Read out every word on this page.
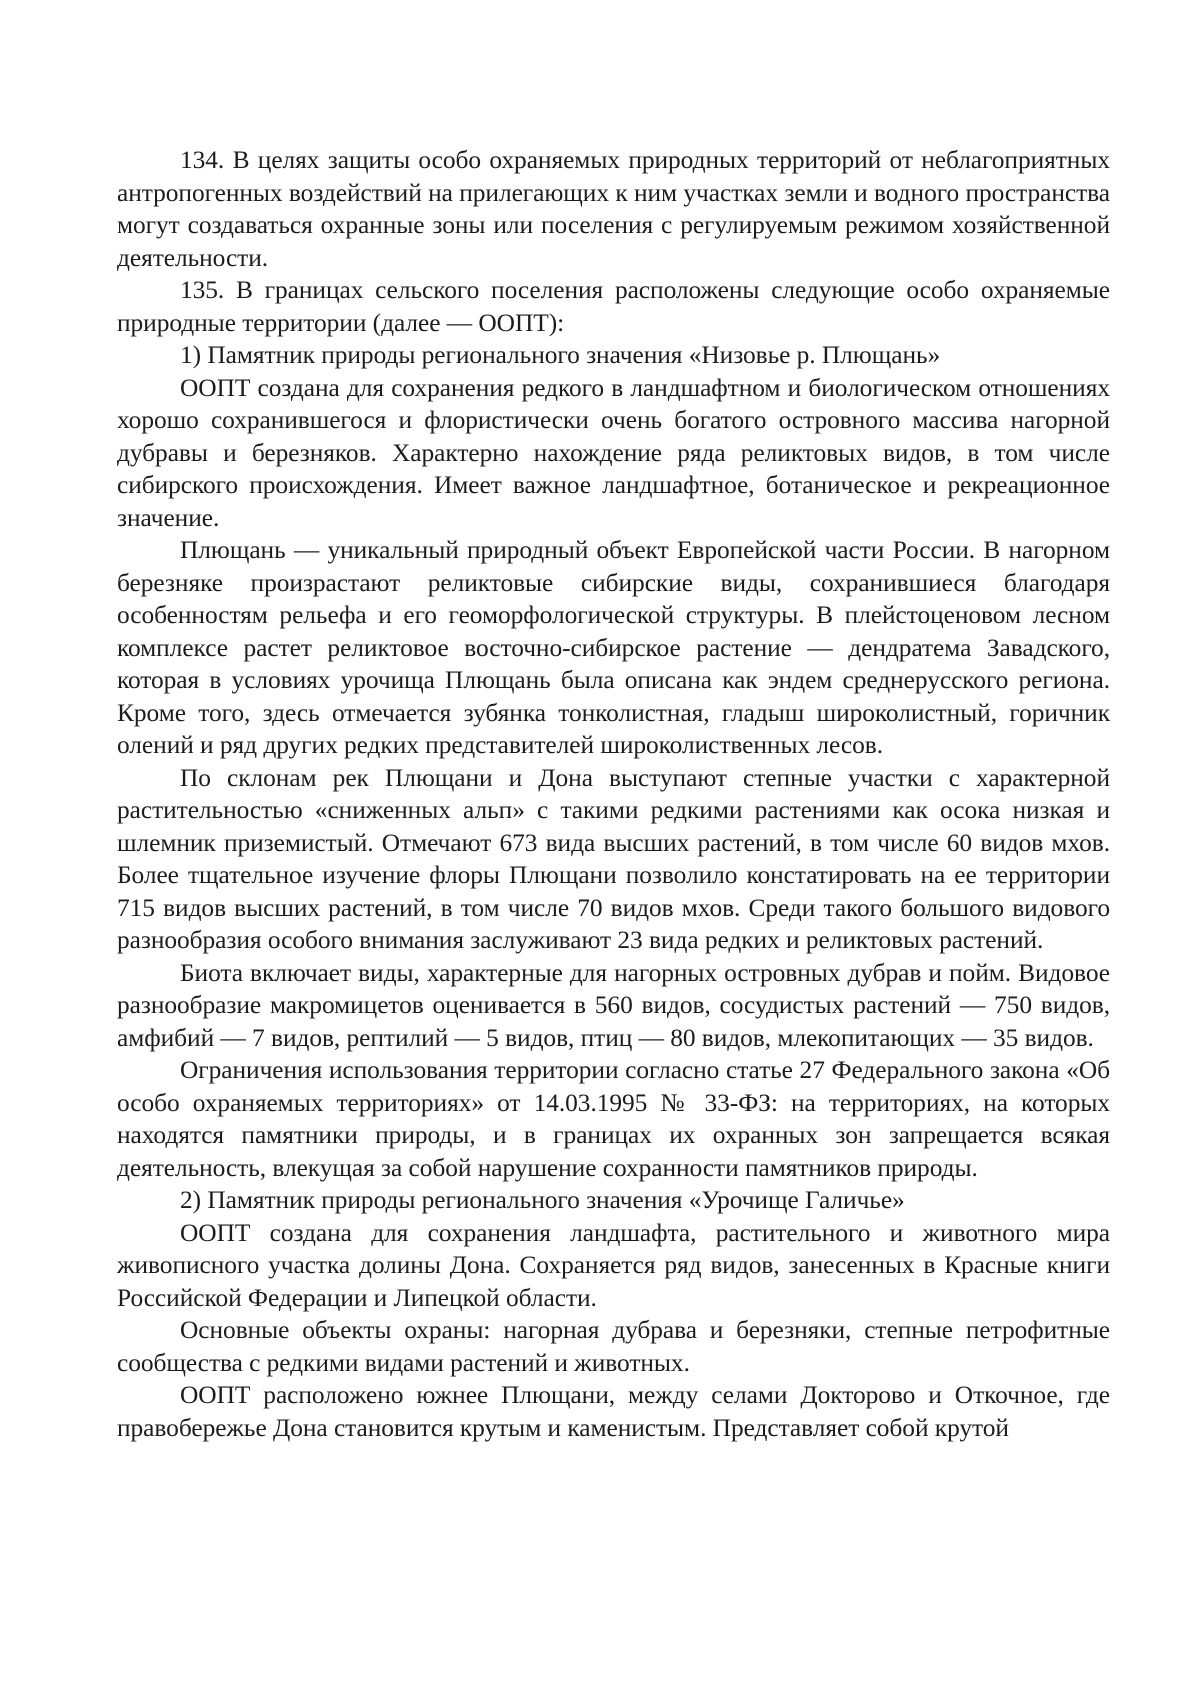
134. В целях защиты особо охраняемых природных территорий от неблагоприятных антропогенных воздействий на прилегающих к ним участках земли и водного пространства могут создаваться охранные зоны или поселения с регулируемым режимом хозяйственной деятельности.

135. В границах сельского поселения расположены следующие особо охраняемые природные территории (далее — ООПТ):

1) Памятник природы регионального значения «Низовье р. Плющань»

ООПТ создана для сохранения редкого в ландшафтном и биологическом отношениях хорошо сохранившегося и флористически очень богатого островного массива нагорной дубравы и березняков. Характерно нахождение ряда реликтовых видов, в том числе сибирского происхождения. Имеет важное ландшафтное, ботаническое и рекреационное значение.

Плющань — уникальный природный объект Европейской части России. В нагорном березняке произрастают реликтовые сибирские виды, сохранившиеся благодаря особенностям рельефа и его геоморфологической структуры. В плейстоценовом лесном комплексе растет реликтовое восточно-сибирское растение — дендратема Завадского, которая в условиях урочища Плющань была описана как эндем среднерусского региона. Кроме того, здесь отмечается зубянка тонколистная, гладыш широколистный, горичник олений и ряд других редких представителей широколиственных лесов.

По склонам рек Плющани и Дона выступают степные участки с характерной растительностью «сниженных альп» с такими редкими растениями как осока низкая и шлемник приземистый. Отмечают 673 вида высших растений, в том числе 60 видов мхов. Более тщательное изучение флоры Плющани позволило констатировать на ее территории 715 видов высших растений, в том числе 70 видов мхов. Среди такого большого видового разнообразия особого внимания заслуживают 23 вида редких и реликтовых растений.

Биота включает виды, характерные для нагорных островных дубрав и пойм. Видовое разнообразие макромицетов оценивается в 560 видов, сосудистых растений — 750 видов, амфибий — 7 видов, рептилий — 5 видов, птиц — 80 видов, млекопитающих — 35 видов.

Ограничения использования территории согласно статье 27 Федерального закона «Об особо охраняемых территориях» от 14.03.1995 № 33-ФЗ: на территориях, на которых находятся памятники природы, и в границах их охранных зон запрещается всякая деятельность, влекущая за собой нарушение сохранности памятников природы.

2) Памятник природы регионального значения «Урочище Галичье»

ООПТ создана для сохранения ландшафта, растительного и животного мира живописного участка долины Дона. Сохраняется ряд видов, занесенных в Красные книги Российской Федерации и Липецкой области.

Основные объекты охраны: нагорная дубрава и березняки, степные петрофитные сообщества с редкими видами растений и животных.

ООПТ расположено южнее Плющани, между селами Докторово и Откочное, где правобережье Дона становится крутым и каменистым. Представляет собой крутой
